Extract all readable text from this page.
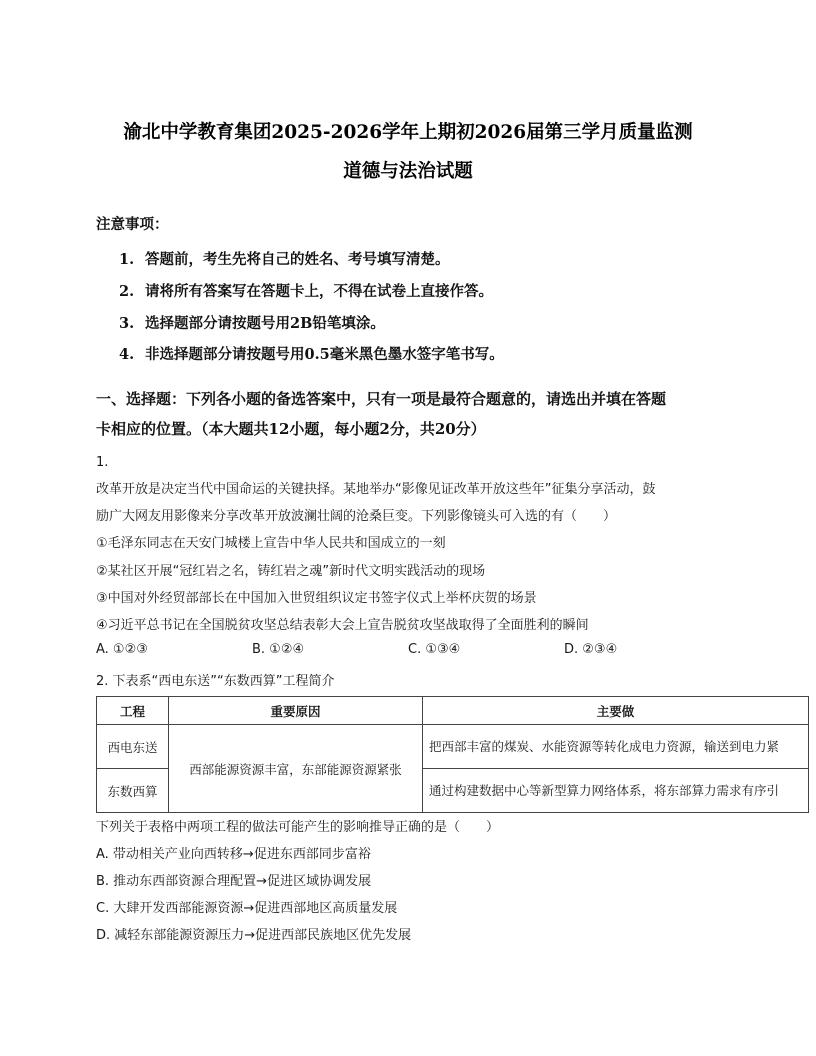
渝北中学教育集团2025-2026学年上期初2026届第三学月质量监测
道德与法治试题
注意事项：
1. 答题前，考生先将自己的姓名、考号填写清楚。
2. 请将所有答案写在答题卡上，不得在试卷上直接作答。
3. 选择题部分请按题号用2B铅笔填涂。
4. 非选择题部分请按题号用0.5毫米黑色墨水签字笔书写。
一、选择题：下列各小题的备选答案中，只有一项是最符合题意的，请选出并填在答题
卡相应的位置。（本大题共12小题，每小题2分，共20分）
1.
改革开放是决定当代中国命运的关键抉择。某地举办“影像见证改革开放这些年”征集分享活动，鼓
励广大网友用影像来分享改革开放波澜壮阔的沧桑巨变。下列影像镜头可入选的有（　　）
①毛泽东同志在天安门城楼上宣告中华人民共和国成立的一刻
②某社区开展“冠红岩之名，铸红岩之魂”新时代文明实践活动的现场
③中国对外经贸部部长在中国加入世贸组织议定书签字仪式上举杯庆贺的场景
④习近平总书记在全国脱贫攻坚总结表彰大会上宣告脱贫攻坚战取得了全面胜利的瞬间
A. ①②③	B. ①②④	C. ①③④	D. ②③④
2. 下表系“西电东送”“东数西算”工程简介
工程	重要原因	主要做
西电东送	西部能源资源丰富，东部能源资源紧张	把西部丰富的煤炭、水能资源等转化成电力资源，输送到电力紧
东数西算		通过构建数据中心等新型算力网络体系，将东部算力需求有序引
下列关于表格中两项工程的做法可能产生的影响推导正确的是（　　）
A. 带动相关产业向西转移→促进东西部同步富裕
B. 推动东西部资源合理配置→促进区域协调发展
C. 大肆开发西部能源资源→促进西部地区高质量发展
D. 减轻东部能源资源压力→促进西部民族地区优先发展
